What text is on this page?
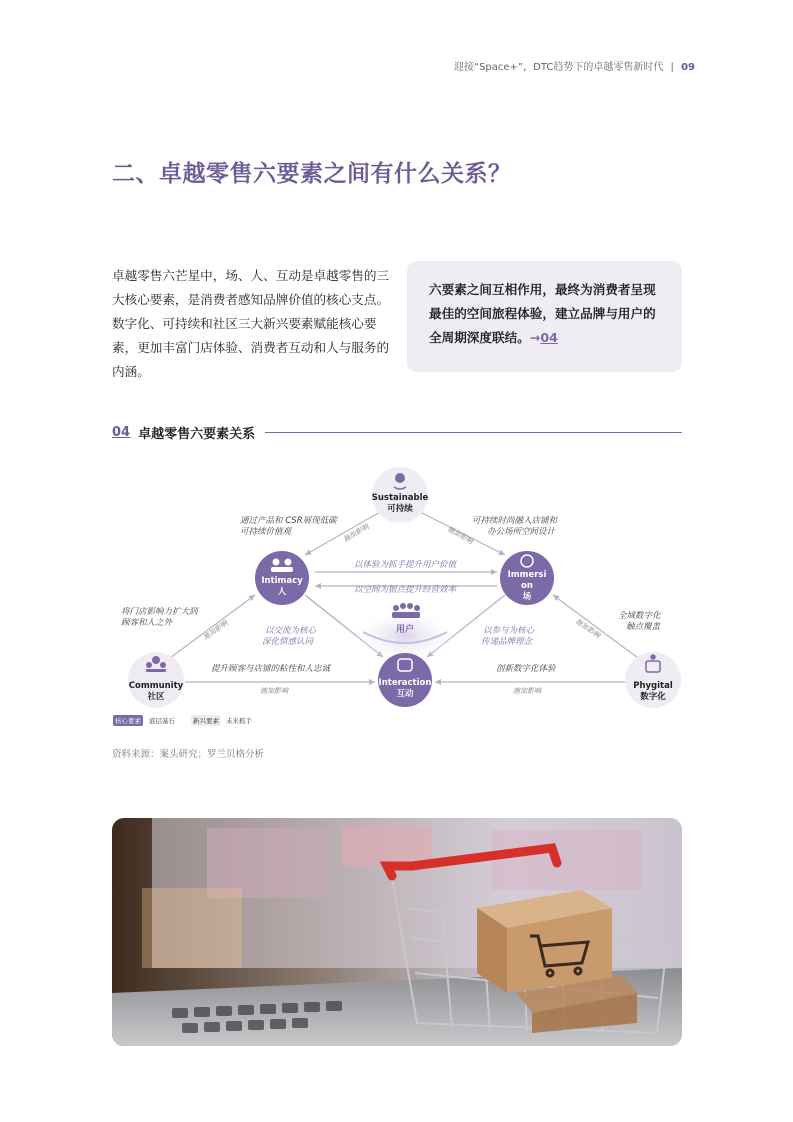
迎接“Space+”，DTC趋势下的卓越零售新时代 | 09
二、卓越零售六要素之间有什么关系？
卓越零售六芒星中，场、人、互动是卓越零售的三大核心要素，是消费者感知品牌价值的核心支点。数字化、可持续和社区三大新兴要素赋能核心要素，更加丰富门店体验、消费者互动和人与服务的内涵。

六要素之间互相作用，最终为消费者呈现最佳的空间旅程体验，建立品牌与用户的全周期深度联结。→04

04 卓越零售六要素关系
Sustainable
可持续
Intimacy
人
Immersi
on
场
Community
社区
Interaction
互动
Phygital
数字化
用户
通过产品和 CSR展现低碳
可持续价值观
可持续时尚融入店铺和
办公场所空间设计
施加影响	施加影响
施加影响	施加影响
施加影响	施加影响
以体验为抓手提升用户价值
以空间为据点提升经营效率
将门店影响力扩大到
顾客和人之外
全域数字化
触点覆盖
以交流为核心
深化情感认同
以参与为核心
传递品牌理念
提升顾客与店铺的粘性和人忠诚	创新数字化体验
核心要素 底层基石	新兴要素 未来抓手
资料来源：案头研究；罗兰贝格分析
